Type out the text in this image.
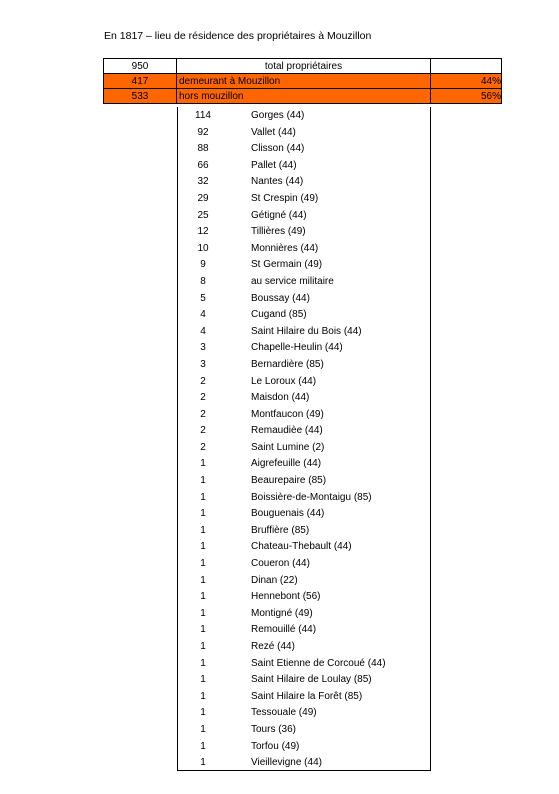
En 1817 – lieu de résidence des propriétaires à Mouzillon
950	total propriétaires
417	demeurant à Mouzillon	44%
533	hors mouzillon	56%
114	Gorges (44)
92	Vallet (44)
88	Clisson (44)
66	Pallet (44)
32	Nantes (44)
29	St Crespin (49)
25	Gétigné (44)
12	Tillières (49)
10	Monnières (44)
9	St Germain (49)
8	au service militaire
5	Boussay (44)
4	Cugand (85)
4	Saint Hilaire du Bois (44)
3	Chapelle-Heulin (44)
3	Bernardière (85)
2	Le Loroux (44)
2	Maisdon (44)
2	Montfaucon (49)
2	Remaudièe (44)
2	Saint Lumine (2)
1	Aigrefeuille (44)
1	Beaurepaire (85)
1	Boissière-de-Montaigu (85)
1	Bouguenais (44)
1	Bruffière (85)
1	Chateau-Thebault (44)
1	Coueron (44)
1	Dinan (22)
1	Hennebont (56)
1	Montigné (49)
1	Remouillé (44)
1	Rezé (44)
1	Saint Etienne de Corcoué (44)
1	Saint Hilaire de Loulay (85)
1	Saint Hilaire la Forêt (85)
1	Tessouale (49)
1	Tours (36)
1	Torfou (49)
1	Vieillevigne (44)
